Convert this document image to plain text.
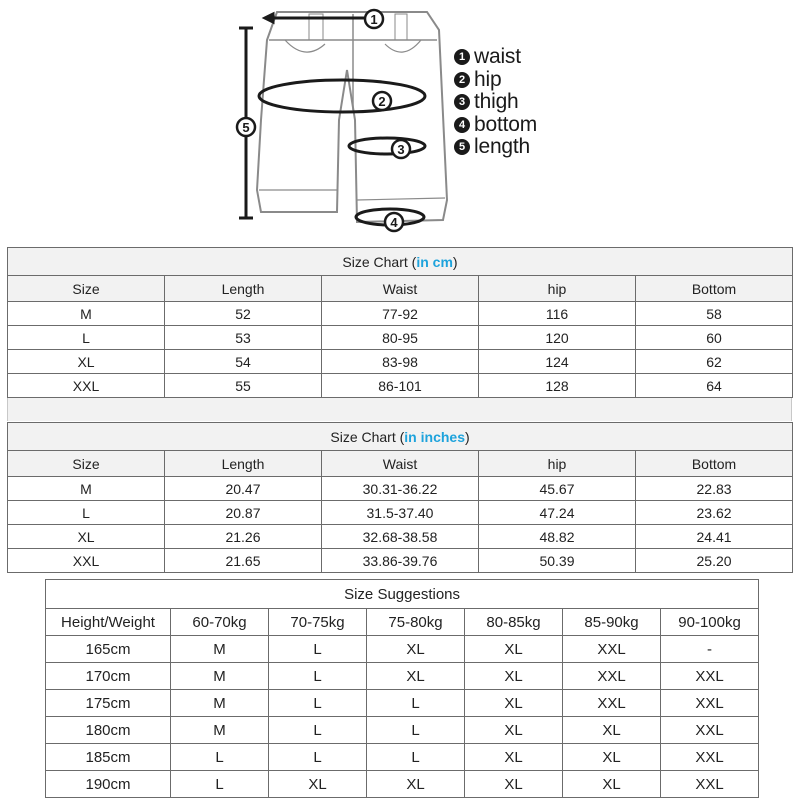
1
2
3
4
5
1 waist
2 hip
3 thigh
4 bottom
5 length
Size Chart (in cm)				
Size	Length	Waist	hip	Bottom
M	52	77-92	116	58
L	53	80-95	120	60
XL	54	83-98	124	62
XXL	55	86-101	128	64
Size Chart (in inches)				
Size	Length	Waist	hip	Bottom
M	20.47	30.31-36.22	45.67	22.83
L	20.87	31.5-37.40	47.24	23.62
XL	21.26	32.68-38.58	48.82	24.41
XXL	21.65	33.86-39.76	50.39	25.20
Size Suggestions						
Height/Weight	60-70kg	70-75kg	75-80kg	80-85kg	85-90kg	90-100kg
165cm	M	L	XL	XL	XXL	-
170cm	M	L	XL	XL	XXL	XXL
175cm	M	L	L	XL	XXL	XXL
180cm	M	L	L	XL	XL	XXL
185cm	L	L	L	XL	XL	XXL
190cm	L	XL	XL	XL	XL	XXL
